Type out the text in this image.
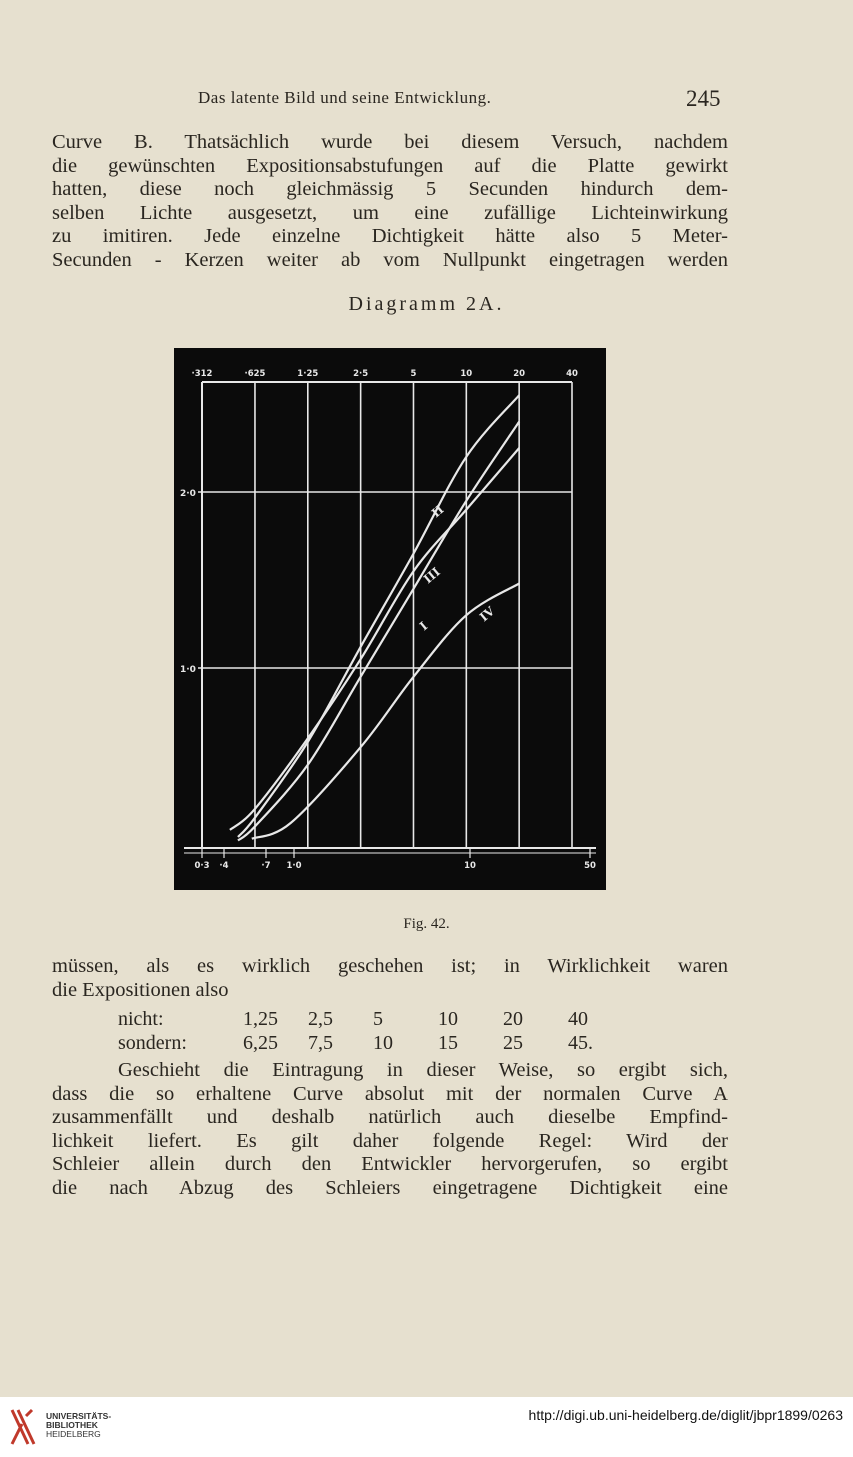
Das latente Bild und seine Entwicklung.	245

Curve B. Thatsächlich wurde bei diesem Versuch, nachdem
die gewünschten Expositionsabstufungen auf die Platte gewirkt
hatten, diese noch gleichmässig 5 Secunden hindurch dem-
selben Lichte ausgesetzt, um eine zufällige Lichteinwirkung
zu imitiren. Jede einzelne Dichtigkeit hätte also 5 Meter-
Secunden - Kerzen weiter ab vom Nullpunkt eingetragen werden

Diagramm 2A.
·312	·625	1·25	2·5	5	10	20	40
2·0
1·0
0·3 ·4	·7 1·0	10	50
II
III
I
IV
Fig. 42.

müssen, als es wirklich geschehen ist; in Wirklichkeit waren
die Expositionen also

nicht:	1,25	2,5	5	10	20	40
sondern:	6,25	7,5	10	15	25	45.

Geschieht die Eintragung in dieser Weise, so ergibt sich,
dass die so erhaltene Curve absolut mit der normalen Curve A
zusammenfällt und deshalb natürlich auch dieselbe Empfind-
lichkeit liefert. Es gilt daher folgende Regel: Wird der
Schleier allein durch den Entwickler hervorgerufen, so ergibt
die nach Abzug des Schleiers eingetragene Dichtigkeit eine

UNIVERSITÄTS-
BIBLIOTHEK
HEIDELBERG
http://digi.ub.uni-heidelberg.de/diglit/jbpr1899/0263
